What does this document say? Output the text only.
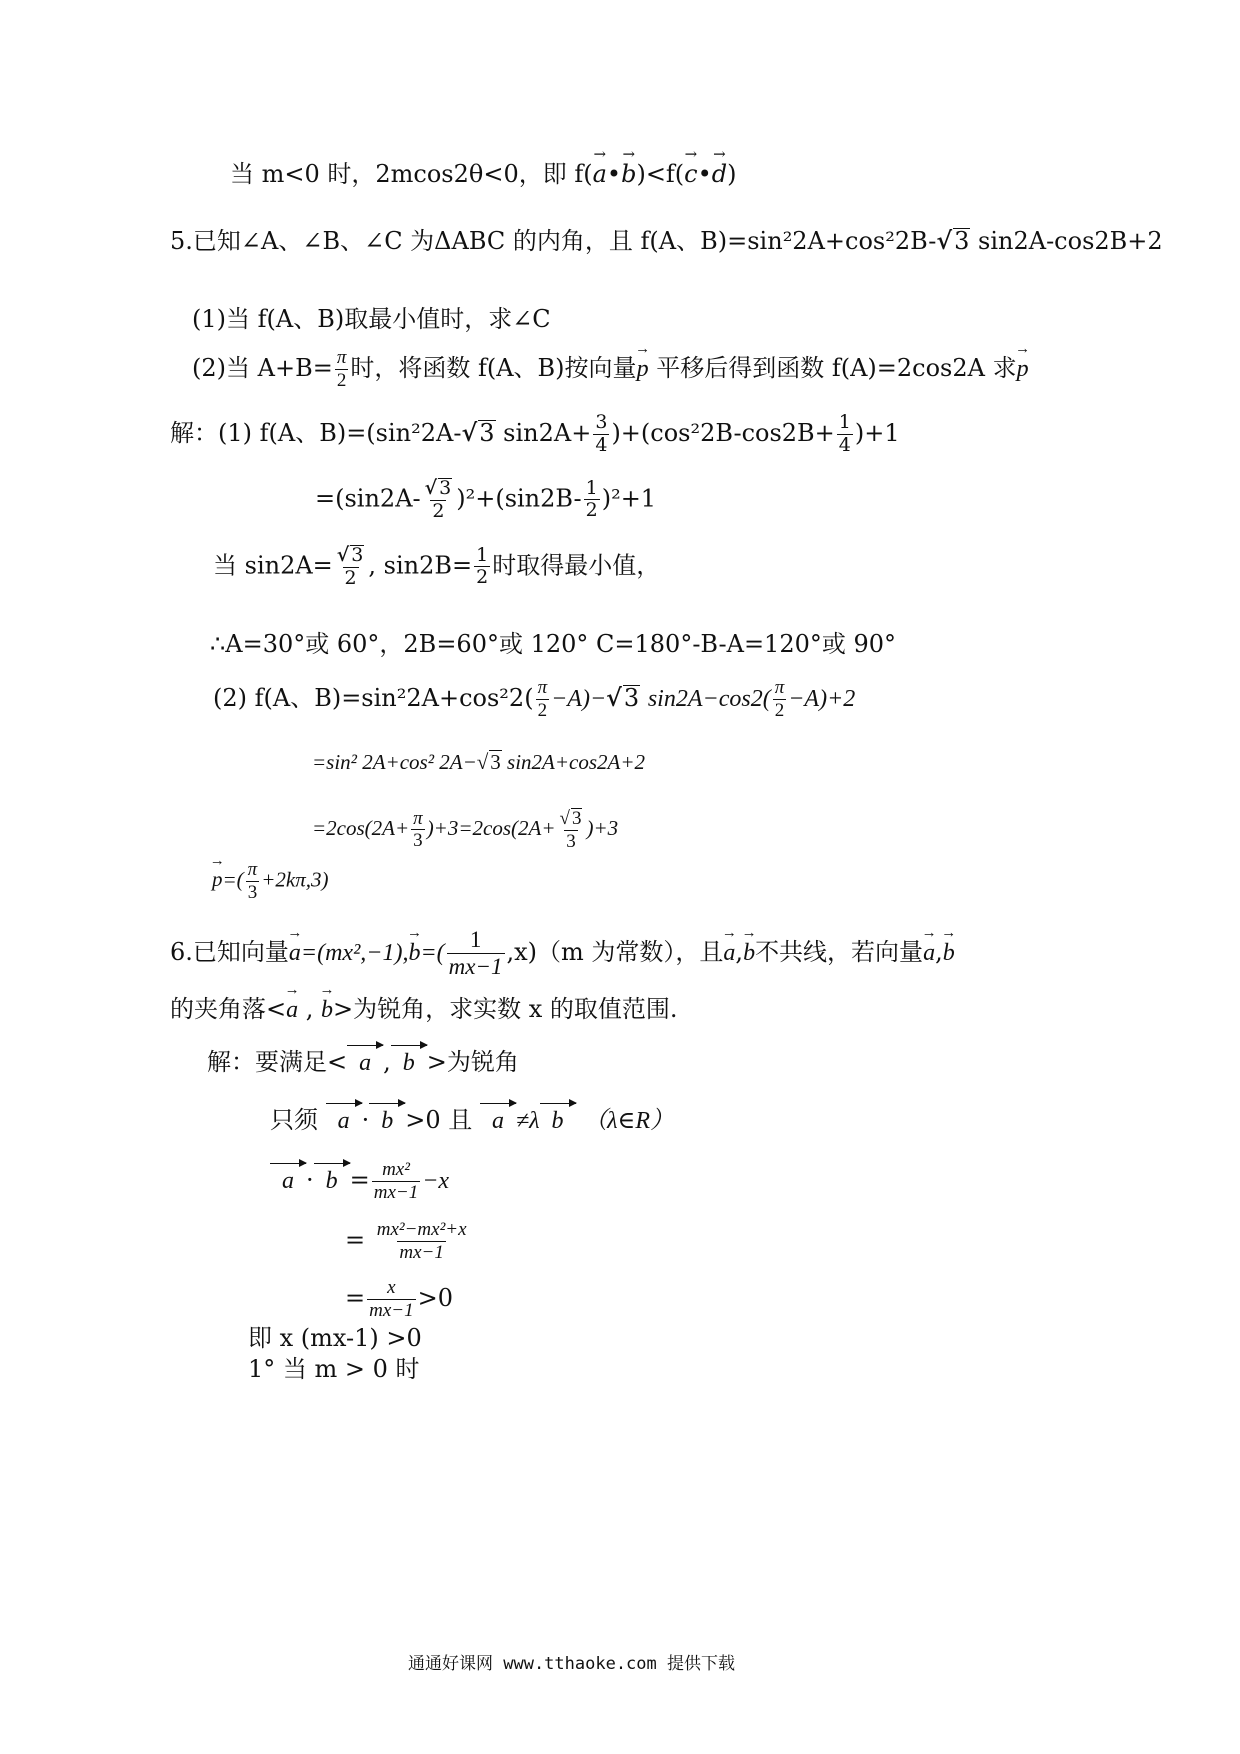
当 m<0 时，2mcos2θ<0，即 f(→ a•→ b)<f(→ c•→ d)
5.已知∠A、∠B、∠C 为ΔABC 的内角，且 f(A、B)=sin²2A+cos²2B-√3 sin2A-cos2B+2
(1)当 f(A、B)取最小值时，求∠C
(2)当 $A+B= \frac{\pi}{2}$ 时，将函数 f(A、B)按向量→ p 平移后得到函数 f(A)=2cos2A 求→ p
解：(1) f(A、B)=(sin²2A-√3 $\sin 2A+ \frac{3}{4} )+(\cos^22B-\cos 2B+ \frac{1}{4} )+1$
$=(\sin 2A- \frac{√ 3}{2} )^2+(\sin 2B- \frac{1}{2} )^2+1$
当 $\sin 2A= \frac{√ 3}{2}$ , $\sin 2B= \frac{1}{2}$ 时取得最小值，
∴A=30°或 60°，2B=60°或 120° C=180°-B-A=120°或 90°
(2) f(A、$B)=\sin^22A+\cos^22( \frac{\pi}{2} -A)-√3$ $\sin 2A-\cos 2( \frac{\pi}{2} -A)+2$
=sin² 2A+cos² 2A−√3 sin2A+cos2A+2
$=2\cos(2A+ \frac{\pi}{3} )+3=2\cos(2A+ \frac{√ 3}{3} )+3$
→ $p=( \frac{\pi}{3} +2k\pi,3)$
6.已知向量→ $a=(mx^2,-1),\to b=( \frac{1}{mx-1} ,x)(m$ 为常数），且→ a,→ b不共线，若向量→ a,→ b
的夹角落<→ a , → b>为锐角，求实数 x 的取值范围.
解：要满足< a , b >为锐角
只须 a · b >0 且 a ≠λ b （λ∈R）
$a \cdot b = \frac{\text{mx²}}{mx-1} -x$
= $\frac{\text{mx²−mx²+x}}{mx-1}$
= $\frac{x}{mx-1} >0$
即 x (mx-1) >0
1° 当 m > 0 时
通通好课网 www.tthaoke.com 提供下载
